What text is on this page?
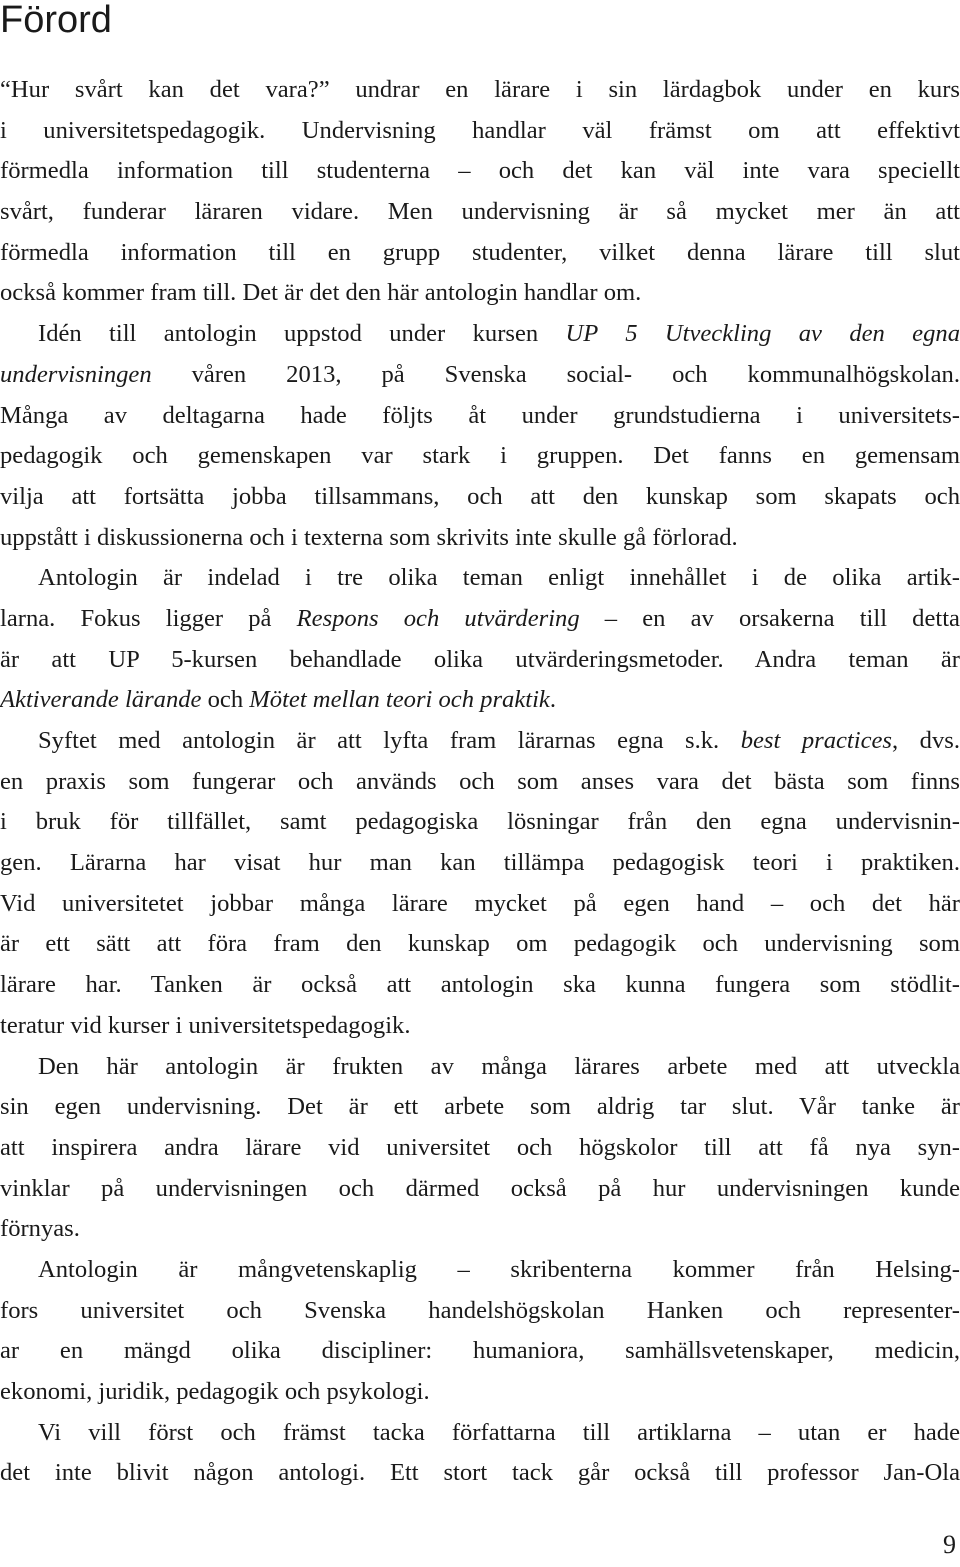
Förord
“Hur svårt kan det vara?” undrar en lärare i sin lärdagbok under en kurs
i universitetspedagogik. Undervisning handlar väl främst om att effektivt
förmedla information till studenterna – och det kan väl inte vara speciellt
svårt, funderar läraren vidare. Men undervisning är så mycket mer än att
förmedla information till en grupp studenter, vilket denna lärare till slut
också kommer fram till. Det är det den här antologin handlar om.
Idén till antologin uppstod under kursen UP 5 Utveckling av den egna
undervisningen våren 2013, på Svenska social- och kommunalhögskolan.
Många av deltagarna hade följts åt under grundstudierna i universitets-
pedagogik och gemenskapen var stark i gruppen. Det fanns en gemensam
vilja att fortsätta jobba tillsammans, och att den kunskap som skapats och
uppstått i diskussionerna och i texterna som skrivits inte skulle gå förlorad.
Antologin är indelad i tre olika teman enligt innehållet i de olika artik-
larna. Fokus ligger på Respons och utvärdering – en av orsakerna till detta
är att UP 5-kursen behandlade olika utvärderingsmetoder. Andra teman är
Aktiverande lärande och Mötet mellan teori och praktik.
Syftet med antologin är att lyfta fram lärarnas egna s.k. best practices, dvs.
en praxis som fungerar och används och som anses vara det bästa som finns
i bruk för tillfället, samt pedagogiska lösningar från den egna undervisnin-
gen. Lärarna har visat hur man kan tillämpa pedagogisk teori i praktiken.
Vid universitetet jobbar många lärare mycket på egen hand – och det här
är ett sätt att föra fram den kunskap om pedagogik och undervisning som
lärare har. Tanken är också att antologin ska kunna fungera som stödlit-
teratur vid kurser i universitetspedagogik.
Den här antologin är frukten av många lärares arbete med att utveckla
sin egen undervisning. Det är ett arbete som aldrig tar slut. Vår tanke är
att inspirera andra lärare vid universitet och högskolor till att få nya syn-
vinklar på undervisningen och därmed också på hur undervisningen kunde
förnyas.
Antologin är mångvetenskaplig – skribenterna kommer från Helsing-
fors universitet och Svenska handelshögskolan Hanken och representer-
ar en mängd olika discipliner: humaniora, samhällsvetenskaper, medicin,
ekonomi, juridik, pedagogik och psykologi.
Vi vill först och främst tacka författarna till artiklarna – utan er hade
det inte blivit någon antologi. Ett stort tack går också till professor Jan-Ola
9
